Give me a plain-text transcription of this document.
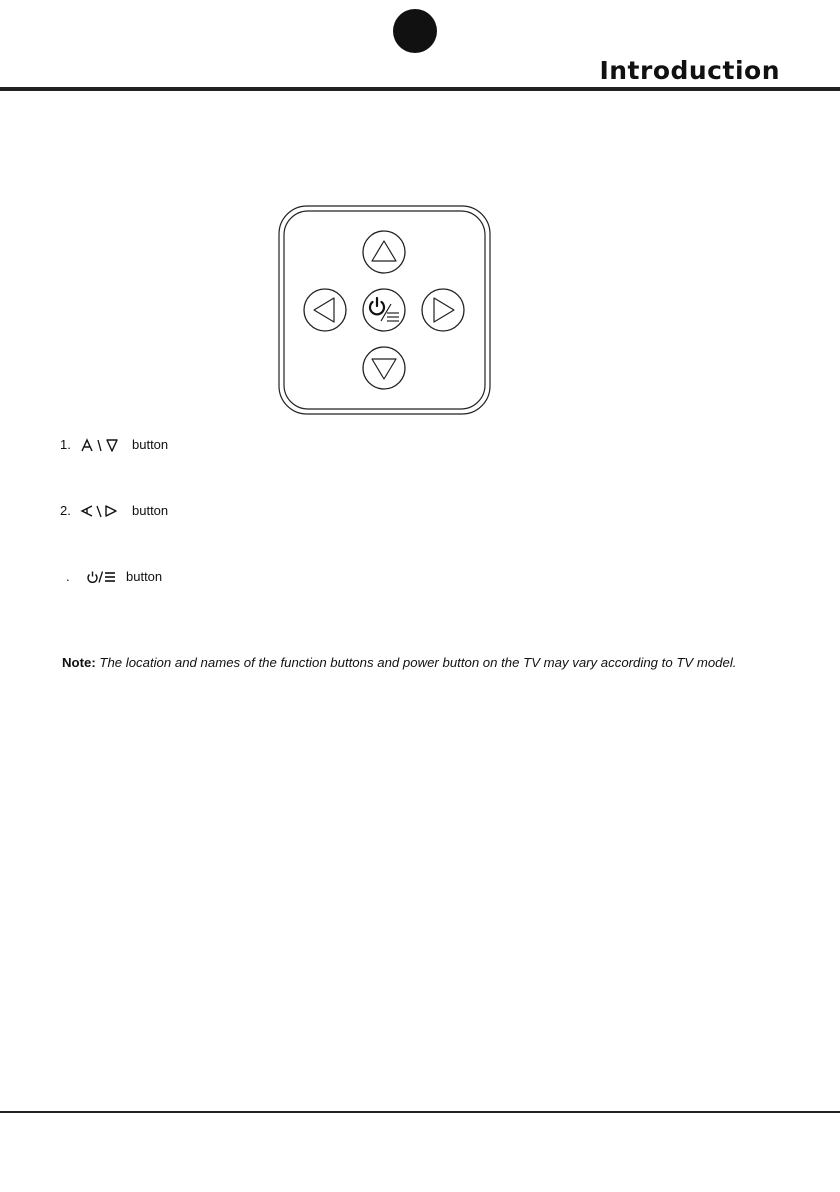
Introduction
1.	button
2.	button
.	button
Note: The location and names of the function buttons and power button on the TV may vary according to TV model.
